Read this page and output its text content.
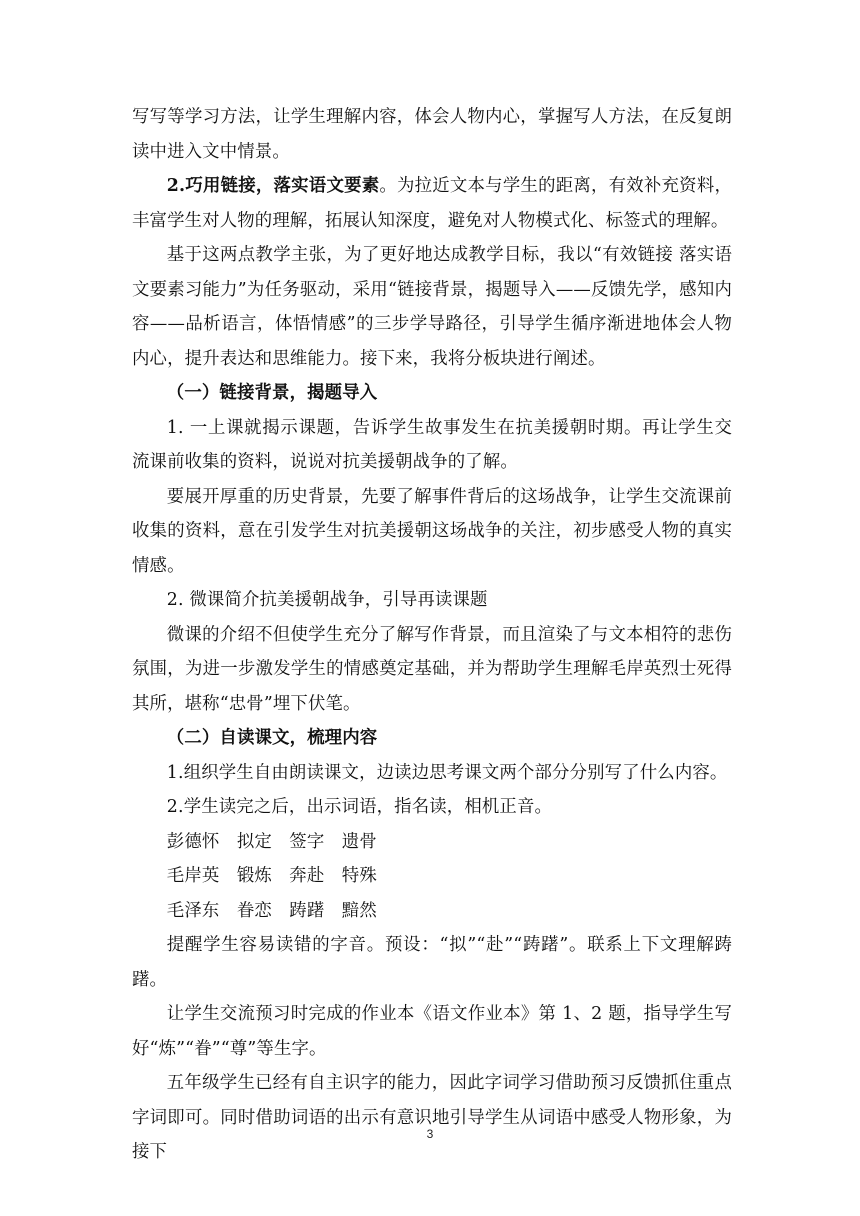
写写等学习方法，让学生理解内容，体会人物内心，掌握写人方法，在反复朗读中进入文中情景。

2.巧用链接，落实语文要素。为拉近文本与学生的距离，有效补充资料，丰富学生对人物的理解，拓展认知深度，避免对人物模式化、标签式的理解。

基于这两点教学主张，为了更好地达成教学目标，我以“有效链接 落实语文要素习能力”为任务驱动，采用“链接背景，揭题导入——反馈先学，感知内容——品析语言，体悟情感”的三步学导路径，引导学生循序渐进地体会人物内心，提升表达和思维能力。接下来，我将分板块进行阐述。

（一）链接背景，揭题导入

1. 一上课就揭示课题，告诉学生故事发生在抗美援朝时期。再让学生交流课前收集的资料，说说对抗美援朝战争的了解。

要展开厚重的历史背景，先要了解事件背后的这场战争，让学生交流课前收集的资料，意在引发学生对抗美援朝这场战争的关注，初步感受人物的真实情感。

2. 微课简介抗美援朝战争，引导再读课题

微课的介绍不但使学生充分了解写作背景，而且渲染了与文本相符的悲伤氛围，为进一步激发学生的情感奠定基础，并为帮助学生理解毛岸英烈士死得其所，堪称“忠骨”埋下伏笔。

（二）自读课文，梳理内容

1.组织学生自由朗读课文，边读边思考课文两个部分分别写了什么内容。

2.学生读完之后，出示词语，指名读，相机正音。

彭德怀 拟定 签字 遗骨

毛岸英 锻炼 奔赴 特殊

毛泽东 眷恋 踌躇 黯然

提醒学生容易读错的字音。预设：“拟”“赴”“踌躇”。联系上下文理解踌躇。

让学生交流预习时完成的作业本《语文作业本》第 1、2 题，指导学生写好“炼”“眷”“尊”等生字。

五年级学生已经有自主识字的能力，因此字词学习借助预习反馈抓住重点字词即可。同时借助词语的出示有意识地引导学生从词语中感受人物形象，为接下

3
